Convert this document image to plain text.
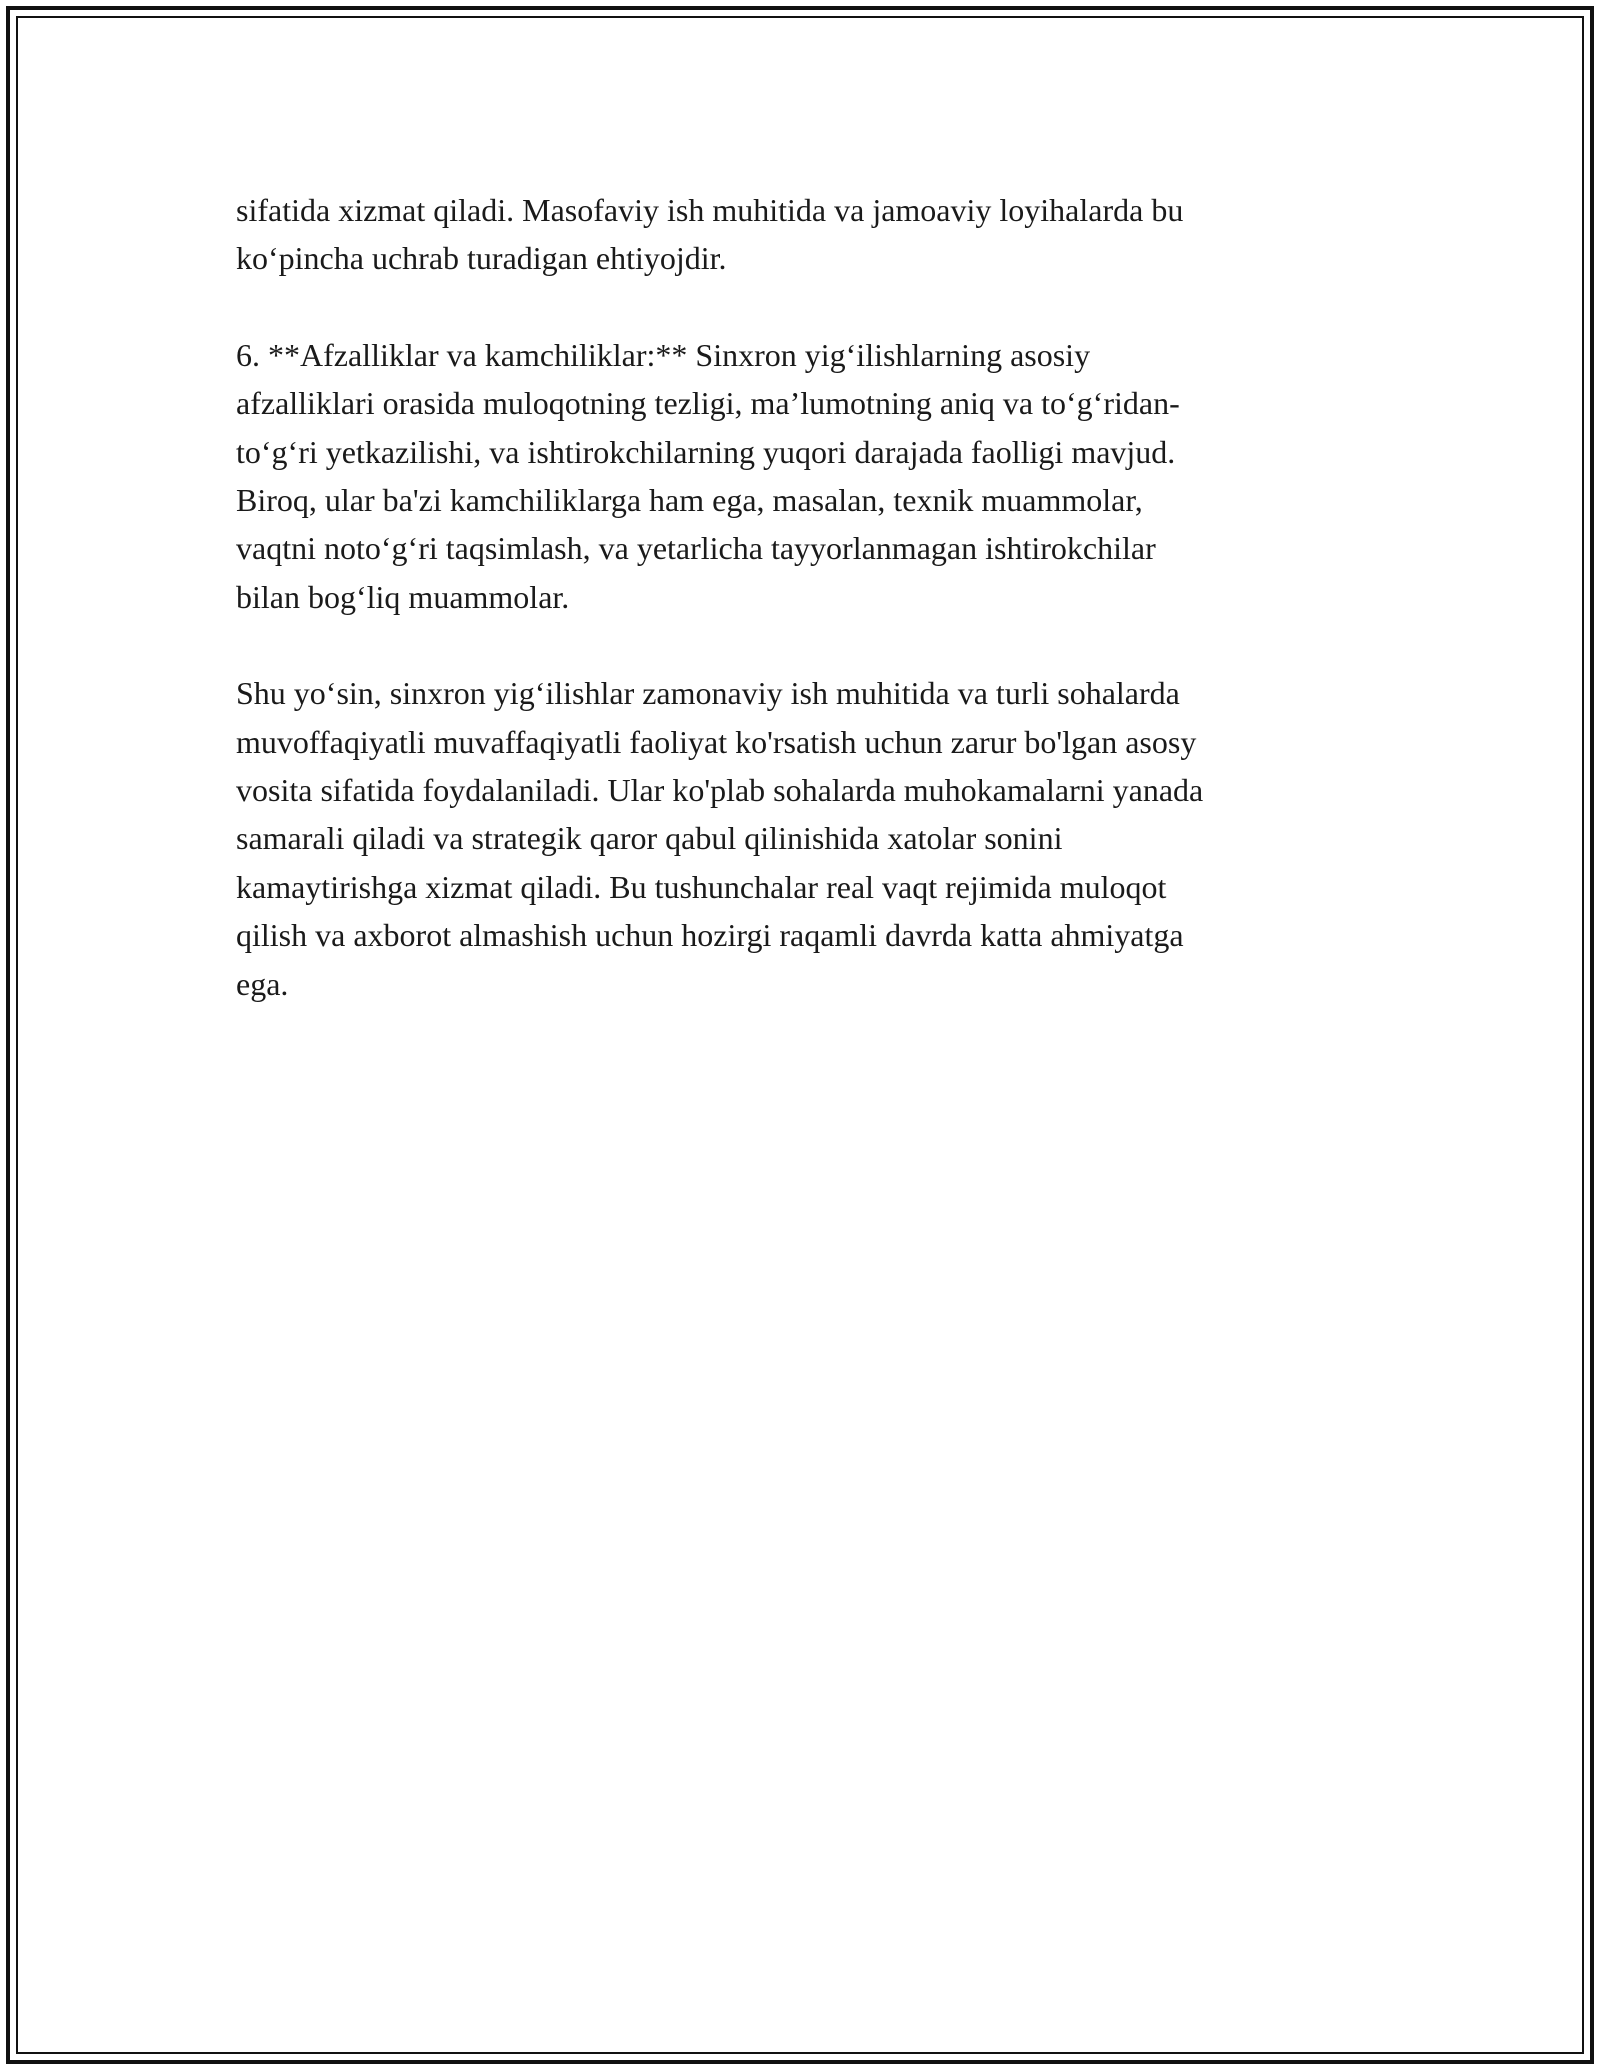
sifatida xizmat qiladi. Masofaviy ish muhitida va jamoaviy loyihalarda bu
ko‘pincha uchrab turadigan ehtiyojdir.

6. **Afzalliklar va kamchiliklar:** Sinxron yig‘ilishlarning asosiy
afzalliklari orasida muloqotning tezligi, ma’lumotning aniq va to‘g‘ridan-
to‘g‘ri yetkazilishi, va ishtirokchilarning yuqori darajada faolligi mavjud.
Biroq, ular ba'zi kamchiliklarga ham ega, masalan, texnik muammolar,
vaqtni noto‘g‘ri taqsimlash, va yetarlicha tayyorlanmagan ishtirokchilar
bilan bog‘liq muammolar.

Shu yo‘sin, sinxron yig‘ilishlar zamonaviy ish muhitida va turli sohalarda
muvoffaqiyatli muvaffaqiyatli faoliyat ko'rsatish uchun zarur bo'lgan asosy
vosita sifatida foydalaniladi. Ular ko'plab sohalarda muhokamalarni yanada
samarali qiladi va strategik qaror qabul qilinishida xatolar sonini
kamaytirishga xizmat qiladi. Bu tushunchalar real vaqt rejimida muloqot
qilish va axborot almashish uchun hozirgi raqamli davrda katta ahmiyatga
ega.
